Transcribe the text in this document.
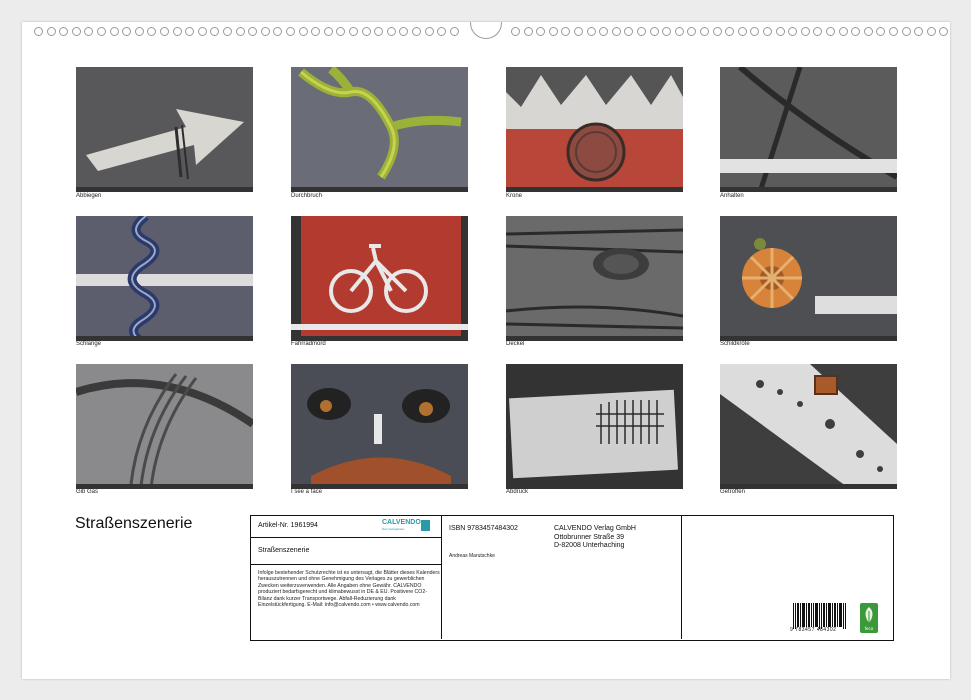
Abbiegen	Durchbruch	Krone	Anhalten
Schlange	Fahrradmord	Deckel	Schildkröte
Gib Gas	I see a face	Abdruck	Getroffen
Straßenszenerie	Artikel-Nr. 1961994	CALVENDO
Das Verlagshaus
Straßenszenerie
Infolge bestehender Schutzrechte ist es untersagt, die Blätter dieses Kalenders herauszutrennen und ohne Genehmigung des Verlages zu gewerblichen Zwecken weiterzuverwenden. Alle Angaben ohne Gewähr. CALVENDO produziert bedarfsgerecht und klimabewusst in DE & EU. Positivere CO2-Bilanz dank kurzer Transportwege. Abfall-Reduzierung dank Einzelstückfertigung. E-Mail: info@calvendo.com • www.calvendo.com
ISBN 9783457484302
Andreas Marutschke
CALVENDO Verlag GmbH
Ottobrunner Straße 39
D-82008 Unterhaching
9 783457 484302	feco
